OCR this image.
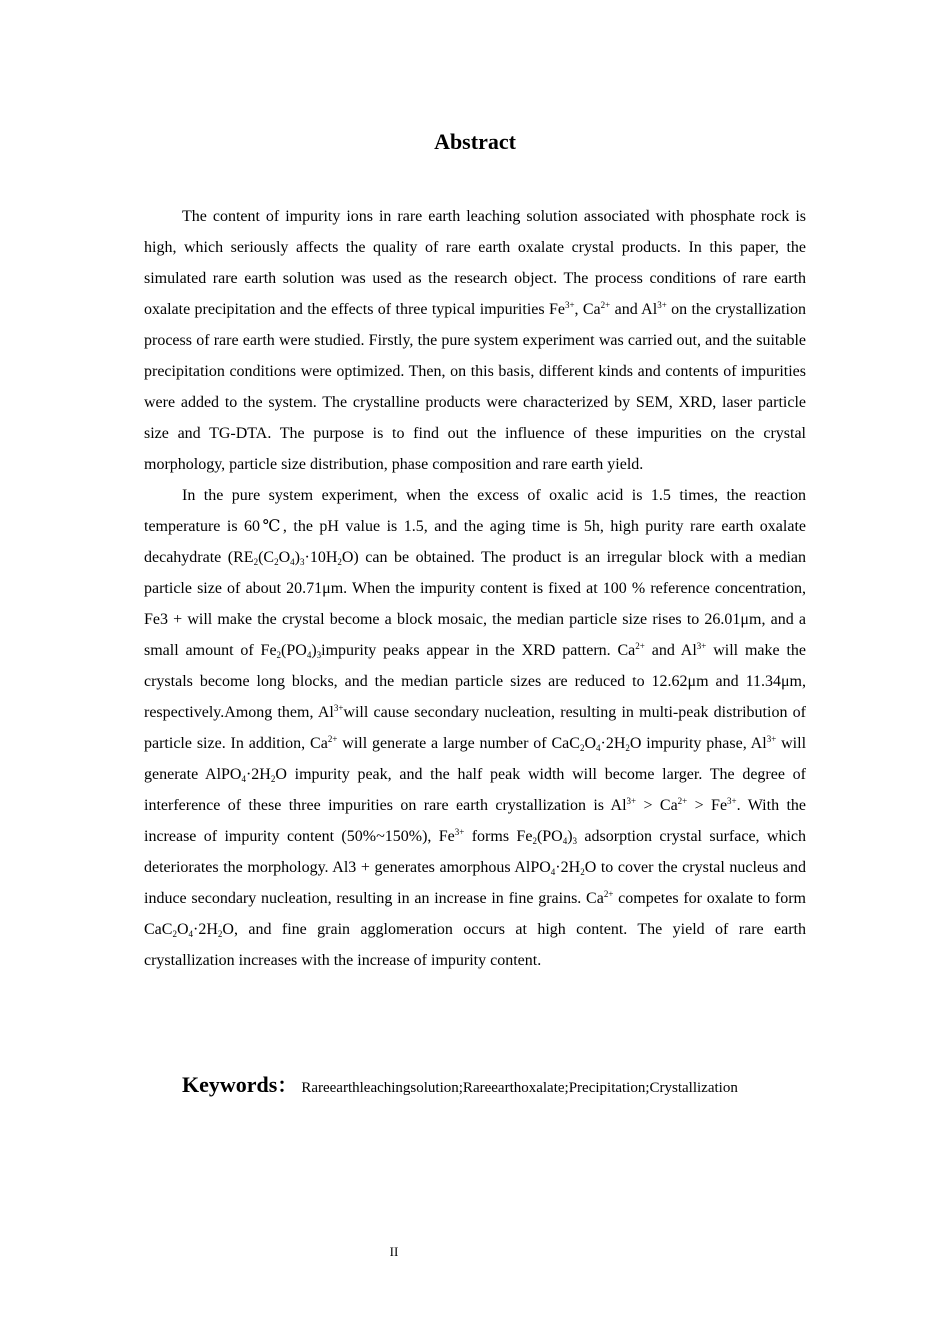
Abstract

The content of impurity ions in rare earth leaching solution associated with phosphate rock is high, which seriously affects the quality of rare earth oxalate crystal products. In this paper, the simulated rare earth solution was used as the research object. The process conditions of rare earth oxalate precipitation and the effects of three typical impurities $Fe^{3+}$, $Ca^{2+}$ and $Al^{3+}$ on the crystallization process of rare earth were studied. Firstly, the pure system experiment was carried out, and the suitable precipitation conditions were optimized. Then, on this basis, different kinds and contents of impurities were added to the system. The crystalline products were characterized by SEM, XRD, laser particle size and TG-DTA. The purpose is to find out the influence of these impurities on the crystal morphology, particle size distribution, phase composition and rare earth yield.

In the pure system experiment, when the excess of oxalic acid is 1.5 times, the reaction temperature is 60℃, the pH value is 1.5, and the aging time is 5h, high purity rare earth oxalate decahydrate $(RE_2(C_2O_4)_3\cdot 10H_2O)$ can be obtained. The product is an irregular block with a median particle size of about 20.71μm. When the impurity content is fixed at 100 % reference concentration, Fe3 + will make the crystal become a block mosaic, the median particle size rises to 26.01μm, and a small amount of $Fe_2(PO_4)_3impurity$ peaks appear in the XRD pattern. $Ca^{2+}$ and $Al^{3+}$ will make the crystals become long blocks, and the median particle sizes are reduced to 12.62μm and 11.34μm, respectively.Among them, $Al^{3+}will$ cause secondary nucleation, resulting in multi-peak distribution of particle size. In addition, $Ca^{2+}$ will generate a large number of $CaC_2O_4\cdot 2H_2O$ impurity phase, $Al^{3+}$ will generate $AlPO_4\cdot 2H_2O$ impurity peak, and the half peak width will become larger. The degree of interference of these three impurities on rare earth crystallization is $Al^{3+} > Ca^{2+} > Fe^{3+}$. With the increase of impurity content (50%~150%), $Fe^{3+}$ forms $Fe_2(PO_4)_3$ adsorption crystal surface, which deteriorates the morphology. Al3 + generates amorphous $AlPO_4\cdot 2H_2O$ to cover the crystal nucleus and induce secondary nucleation, resulting in an increase in fine grains. $Ca^{2+}$ competes for oxalate to form $CaC_2O_4\cdot 2H_2O$, and fine grain agglomeration occurs at high content. The yield of rare earth crystallization increases with the increase of impurity content.

Keywords： Rareearthleachingsolution;Rareearthoxalate;Precipitation;Crystallization
II
